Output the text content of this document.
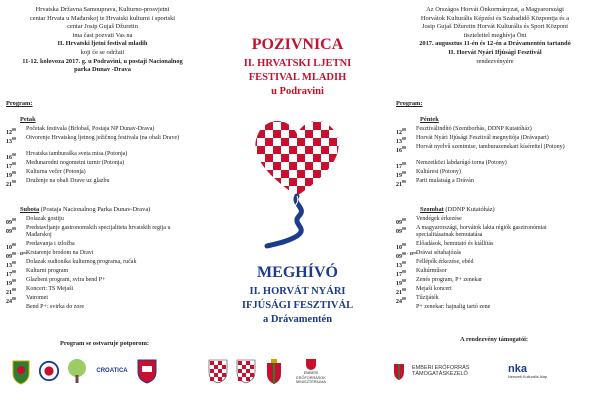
Hrvatska Državna Samouprava, Kulturno-prosvjetni
centar Hrvata u Mađarskoj te Hrvatski kulturni i sportski
centar Josip Gujaš Džuretin
ima čast pozvati Vas na
II. Hrvatski ljetni festival mladih
koji će se održati
11-12. kolovoza 2017. g. u Podravini, u postaji Nacionalnog
parka Dunav -Drava
Program:
Petak
$12^{00}$ Početak festivala (Brlobaš, Postaja NP Dunav-Drava)
$13^{00}$ Otvorenje Hrvatskog ljetnog ježičnog festivala (na obali Drave)
$16^{00}$ Hrvatska tamburaška sveta misa (Potonja)
$17^{00}$ Međunarodni nogometni turnir (Potonja)
$19^{00}$ Kulturna večer (Potonja)
$21^{00}$ Druženje na obali Drave uz glazbu
Subota (Postaja Nacionalnog Parka Dunav-Drava)
$09^{00}$ Dolazak gostiju
$09^{00}$ Predstavljanje gastronomskih specijaliteta hrvatskih regija u Mađarskoj
$10^{00}$ Predavanja i izložba
$09^{00 - 18^{00}}$ Krstarenje brodom na Dravi
$13^{00}$ Dolazak sudionika kulturnog programa, ručak
$17^{00}$ Kulturni program
$19^{00}$ Glazbeni program, svira bend P+
$21^{00}$ Koncert: TS Mejaši
$24^{00}$ Vatromet
Bend P+: svirka do zore
Program se ostvaruje potporom:
POZIVNICA
II. HRVATSKI LJETNI
FESTIVAL MLADIH
u Podravini
MEGHÍVÓ
II. HORVÁT NYÁRI
IFJÚSÁGI FESZTIVÁL
a Drávamentén
Az Országos Horvát Önkormányzat, a Magyarországi
Horvátok Kulturális Képzési és Szabadidő Központja és a
Josip Gujaš Džuretin Horvát Kulturális és Sport Központ
tisztelettel meghívja Önt
2017. augusztus 11-én és 12-én a Drávamentén tartandó
II. Horvát Nyári Ifjúsági Fesztivál
rendezvényére
Program:
Péntek
$12^{00}$ Fesztiválindító (Szentborbás, DDNP Kutatóház)
$13^{00}$ Horvát Nyári Ifjúsági Fesztivál megnyitója (Drávapart)
$16^{00}$ Horvát nyelvű szentmise, tamburazenekari kísérettel (Potony)
$17^{00}$ Nemzetközi labdarúgó torna (Potony)
$19^{00}$ Kultúrest (Potony)
$21^{00}$ Parti mulatság a Dráván
Szombat (DDNP Kutatóház)
$09^{00}$ Vendégek érkezése
$09^{00}$ A magyarországi, horvátok lakta régiók gasztronómiai specialitásainak bemutatása
$10^{00}$ Előadások, bemutató és kiállítás
$09^{00 - 18^{00}}$ Drávai sétahajózás
$13^{00}$ Fellépők érkezése, ebéd
$17^{00}$ Kultúrműsor
$19^{00}$ Zenés program, P+ zenekar
$21^{00}$ Mejaši koncert
$24^{00}$ Tűzijáték
P+ zenekar: hajnalig tartó zene
A rendezvény támogatói:
CROATICA	EMBERI ERŐFORRÁSOK MINISZTÉRIUMA
EMBERI ERŐFORRÁS TÁMOGATÁSKEZELŐ	nka
Nemzeti Kulturális Alap
